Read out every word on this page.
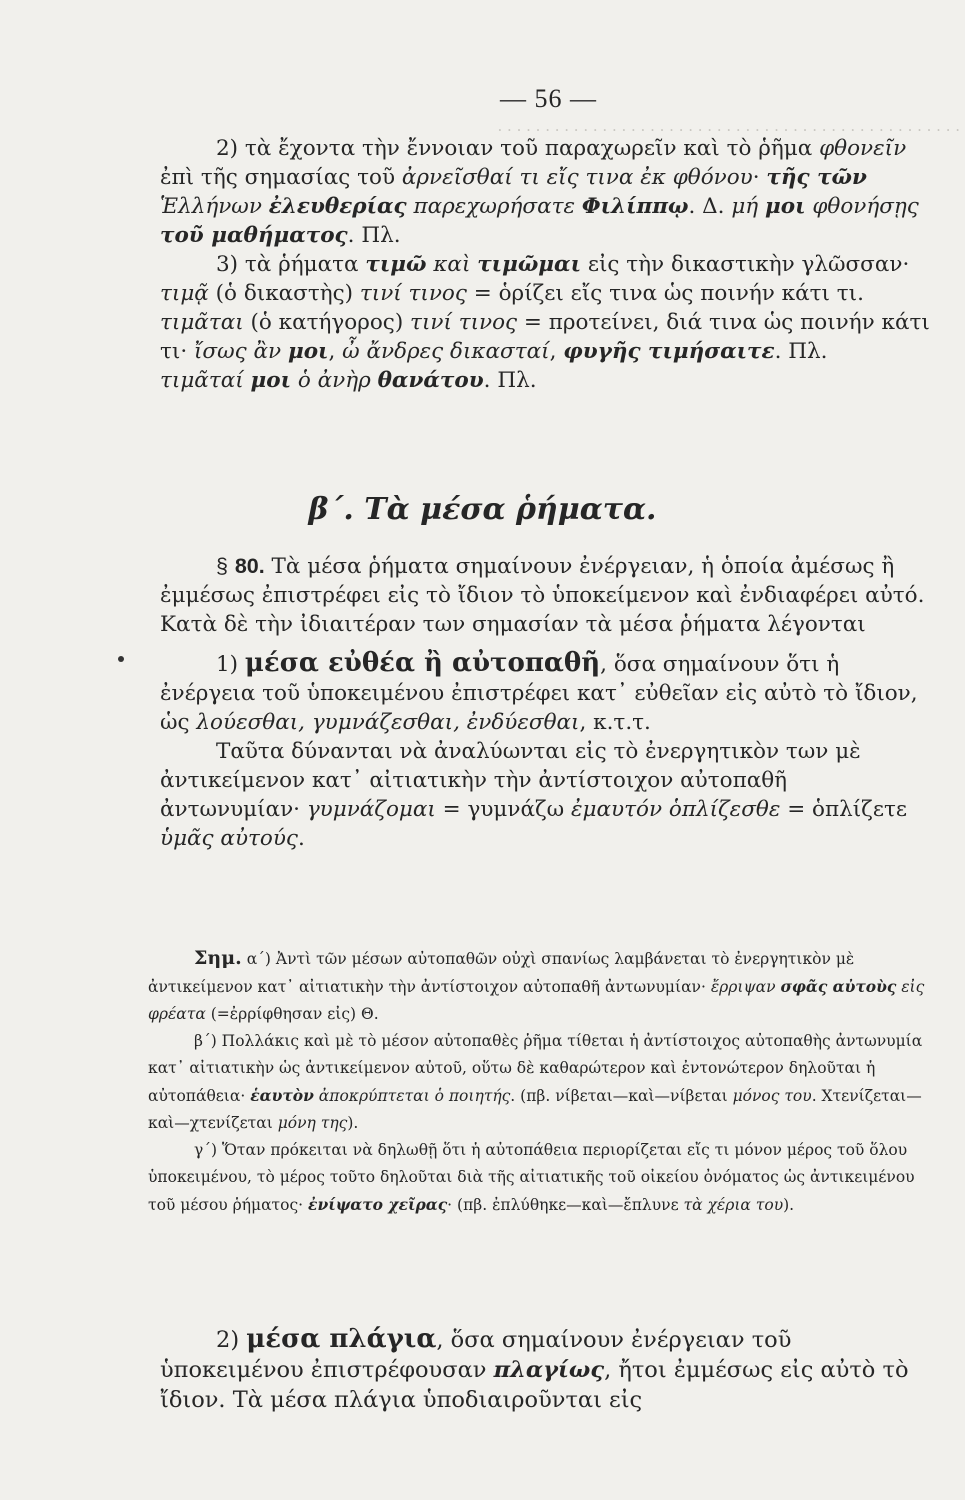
· · · · · · · · · · · · · · · · · · · · · · · · · · · · · · · · · · · · · · · · · · · · · · · · ·
— 56 —

2) τὰ ἔχοντα τὴν ἔννοιαν τοῦ παραχωρεῖν καὶ τὸ ῥῆμα φθονεῖν ἐπὶ τῆς σημασίας τοῦ ἀρνεῖσθαί τι εἴς τινα ἐκ φθόνου· τῆς τῶν Ἑλλήνων ἐλευθερίας παρεχωρήσατε Φιλίππῳ. Δ. μή μοι φθονήσῃς τοῦ μαθήματος. Πλ.

3) τὰ ῥήματα τιμῶ καὶ τιμῶμαι εἰς τὴν δικαστικὴν γλῶσσαν·

τιμᾷ (ὁ δικαστὴς) τινί τινος = ὁρίζει εἴς τινα ὡς ποινήν κάτι τι.

τιμᾶται (ὁ κατήγορος) τινί τινος = προτείνει, διά τινα ὡς ποινήν κάτι τι· ἴσως ἂν μοι, ὦ ἄνδρες δικασταί, φυγῆς τιμήσαιτε. Πλ.

τιμᾶταί μοι ὁ ἀνὴρ θανάτου. Πλ.

β΄. Τὰ μέσα ῥήματα.

§ 80. Τὰ μέσα ῥήματα σημαίνουν ἐνέργειαν, ἡ ὁποία ἀμέσως ἢ ἐμμέσως ἐπιστρέφει εἰς τὸ ἴδιον τὸ ὑποκείμενον καὶ ἐνδιαφέρει αὐτό. Κατὰ δὲ τὴν ἰδιαιτέραν των σημασίαν τὰ μέσα ῥήματα λέγονται

1) μέσα εὐθέα ἢ αὐτοπαθῆ, ὅσα σημαίνουν ὅτι ἡ ἐνέργεια τοῦ ὑποκειμένου ἐπιστρέφει κατ᾽ εὐθεῖαν εἰς αὐτὸ τὸ ἴδιον, ὡς λούεσθαι, γυμνάζεσθαι, ἐνδύεσθαι, κ.τ.τ.

Ταῦτα δύνανται νὰ ἀναλύωνται εἰς τὸ ἐνεργητικὸν των μὲ ἀντικείμενον κατ᾽ αἰτιατικὴν τὴν ἀντίστοιχον αὐτοπαθῆ ἀντωνυμίαν· γυμνάζομαι = γυμνάζω ἐμαυτόν ὁπλίζεσθε = ὁπλίζετε ὑμᾶς αὐτούς.

Σημ. α΄) Ἀντὶ τῶν μέσων αὐτοπαθῶν οὐχὶ σπανίως λαμβάνεται τὸ ἐνεργητικὸν μὲ ἀντικείμενον κατ᾽ αἰτιατικὴν τὴν ἀντίστοιχον αὐτοπαθῆ ἀντωνυμίαν· ἔρριψαν σφᾶς αὐτοὺς εἰς φρέατα (=ἐρρίφθησαν εἰς) Θ.

β΄) Πολλάκις καὶ μὲ τὸ μέσον αὐτοπαθὲς ῥῆμα τίθεται ἡ ἀντίστοιχος αὐτοπαθὴς ἀντωνυμία κατ᾽ αἰτιατικὴν ὡς ἀντικείμενον αὐτοῦ, οὕτω δὲ καθαρώτερον καὶ ἐντονώτερον δηλοῦται ἡ αὐτοπάθεια· ἑαυτὸν ἀποκρύπτεται ὁ ποιητής. (πβ. νίβεται—καὶ—νίβεται μόνος του. Χτενίζεται—καὶ—χτενίζεται μόνη της).

γ΄) Ὅταν πρόκειται νὰ δηλωθῇ ὅτι ἡ αὐτοπάθεια περιορίζεται εἴς τι μόνον μέρος τοῦ ὅλου ὑποκειμένου, τὸ μέρος τοῦτο δηλοῦται διὰ τῆς αἰτιατικῆς τοῦ οἰκείου ὀνόματος ὡς ἀντικειμένου τοῦ μέσου ῥήματος· ἐνίψατο χεῖρας· (πβ. ἐπλύθηκε—καὶ—ἔπλυνε τὰ χέρια του).

2) μέσα πλάγια, ὅσα σημαίνουν ἐνέργειαν τοῦ ὑποκειμένου ἐπιστρέφουσαν πλαγίως, ἤτοι ἐμμέσως εἰς αὐτὸ τὸ ἴδιον. Τὰ μέσα πλάγια ὑποδιαιροῦνται εἰς
